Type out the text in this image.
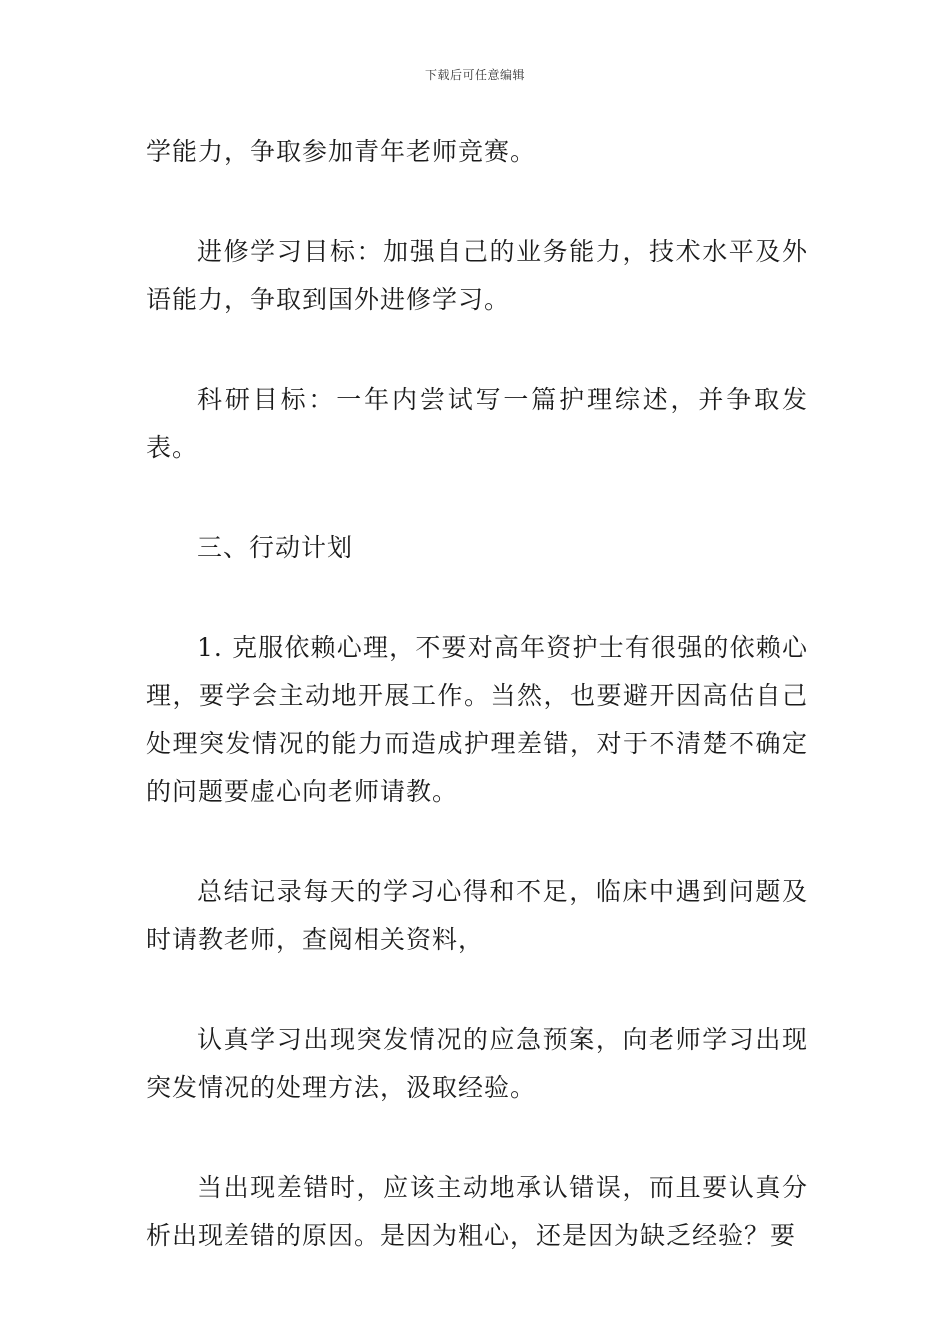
下载后可任意编辑

学能力，争取参加青年老师竞赛。

进修学习目标：加强自己的业务能力，技术水平及外语能力，争取到国外进修学习。

科研目标：一年内尝试写一篇护理综述，并争取发表。

三、行动计划

1. 克服依赖心理，不要对高年资护士有很强的依赖心理，要学会主动地开展工作。当然，也要避开因高估自己处理突发情况的能力而造成护理差错，对于不清楚不确定的问题要虚心向老师请教。

总结记录每天的学习心得和不足，临床中遇到问题及时请教老师，查阅相关资料，

认真学习出现突发情况的应急预案，向老师学习出现突发情况的处理方法，汲取经验。

当出现差错时，应该主动地承认错误，而且要认真分析出现差错的原因。是因为粗心，还是因为缺乏经验？要
